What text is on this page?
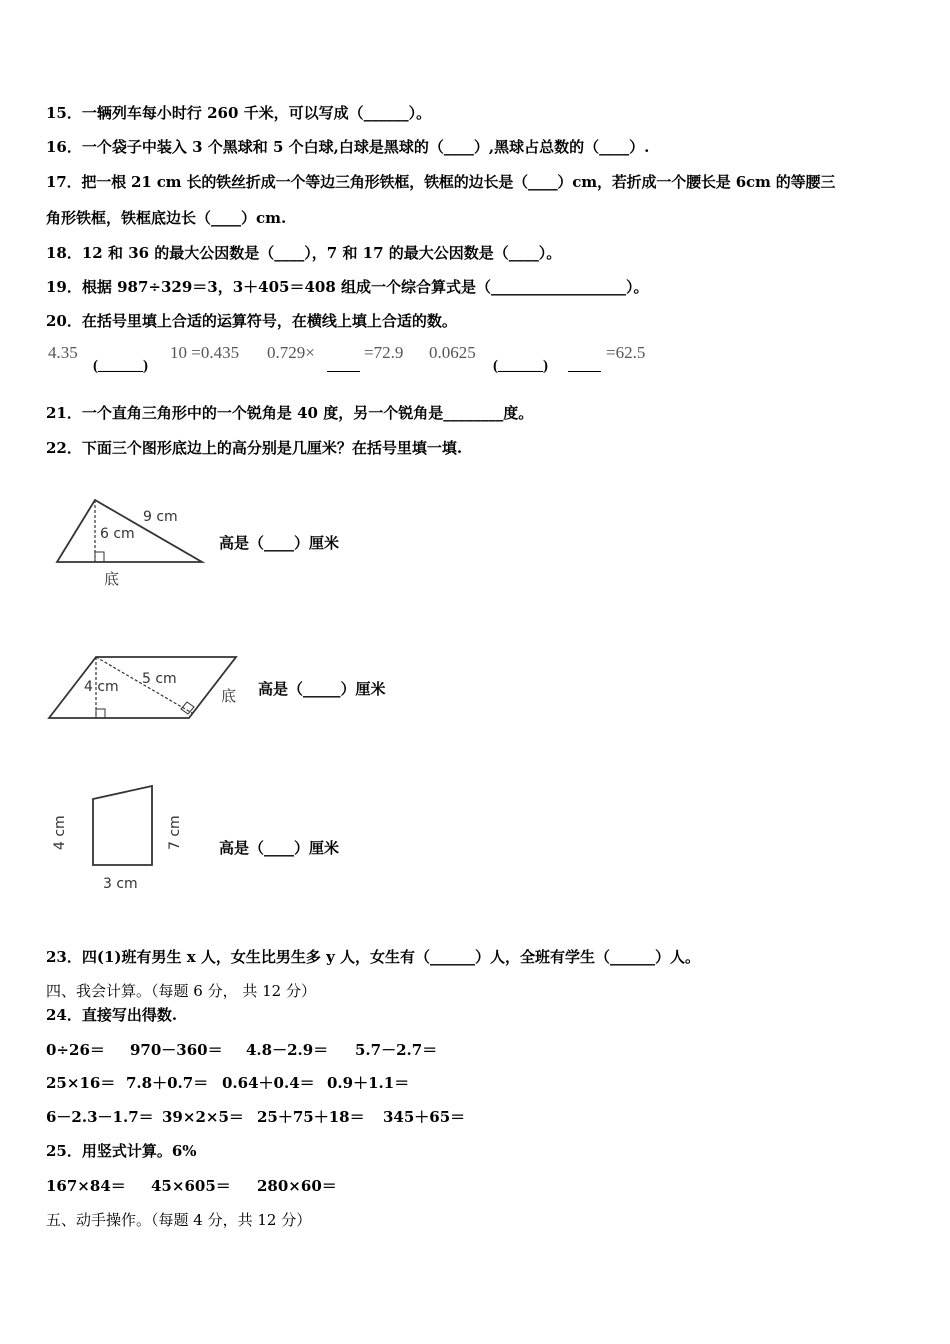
15．一辆列车每小时行 260 千米，可以写成（______）。
16．一个袋子中装入 3 个黑球和 5 个白球,白球是黑球的（____）,黑球占总数的（____）.
17．把一根 21 cm 长的铁丝折成一个等边三角形铁框，铁框的边长是（____）cm，若折成一个腰长是 6cm 的等腰三
角形铁框，铁框底边长（____）cm.
18．12 和 36 的最大公因数是（____），7 和 17 的最大公因数是（____）。
19．根据 987÷329＝3，3＋405＝408 组成一个综合算式是（__________________）。
20．在括号里填上合适的运算符号，在横线上填上合适的数。
4.35
(______)
10 =0.435 0.729×	=72.9 0.0625
(______)
=62.5
21．一个直角三角形中的一个锐角是 40 度，另一个锐角是________度。
22．下面三个图形底边上的高分别是几厘米？在括号里填一填.
9 cm
6 cm
底
高是（____）厘米
4 cm 5 cm
底 高是（_____）厘米
4 cm	7 cm
3 cm
高是（____）厘米
23．四(1)班有男生 x 人，女生比男生多 y 人，女生有（______）人，全班有学生（______）人。
四、我会计算。（每题 6 分， 共 12 分）
24．直接写出得数.
0÷26＝ 970－360＝ 4.8－2.9＝ 5.7－2.7＝
25×16＝ 7.8＋0.7＝ 0.64＋0.4＝ 0.9＋1.1＝
6－2.3－1.7＝ 39×2×5＝ 25＋75＋18＝ 345＋65＝
25．用竖式计算。6%
167×84＝ 45×605＝ 280×60＝
五、动手操作。（每题 4 分，共 12 分）
